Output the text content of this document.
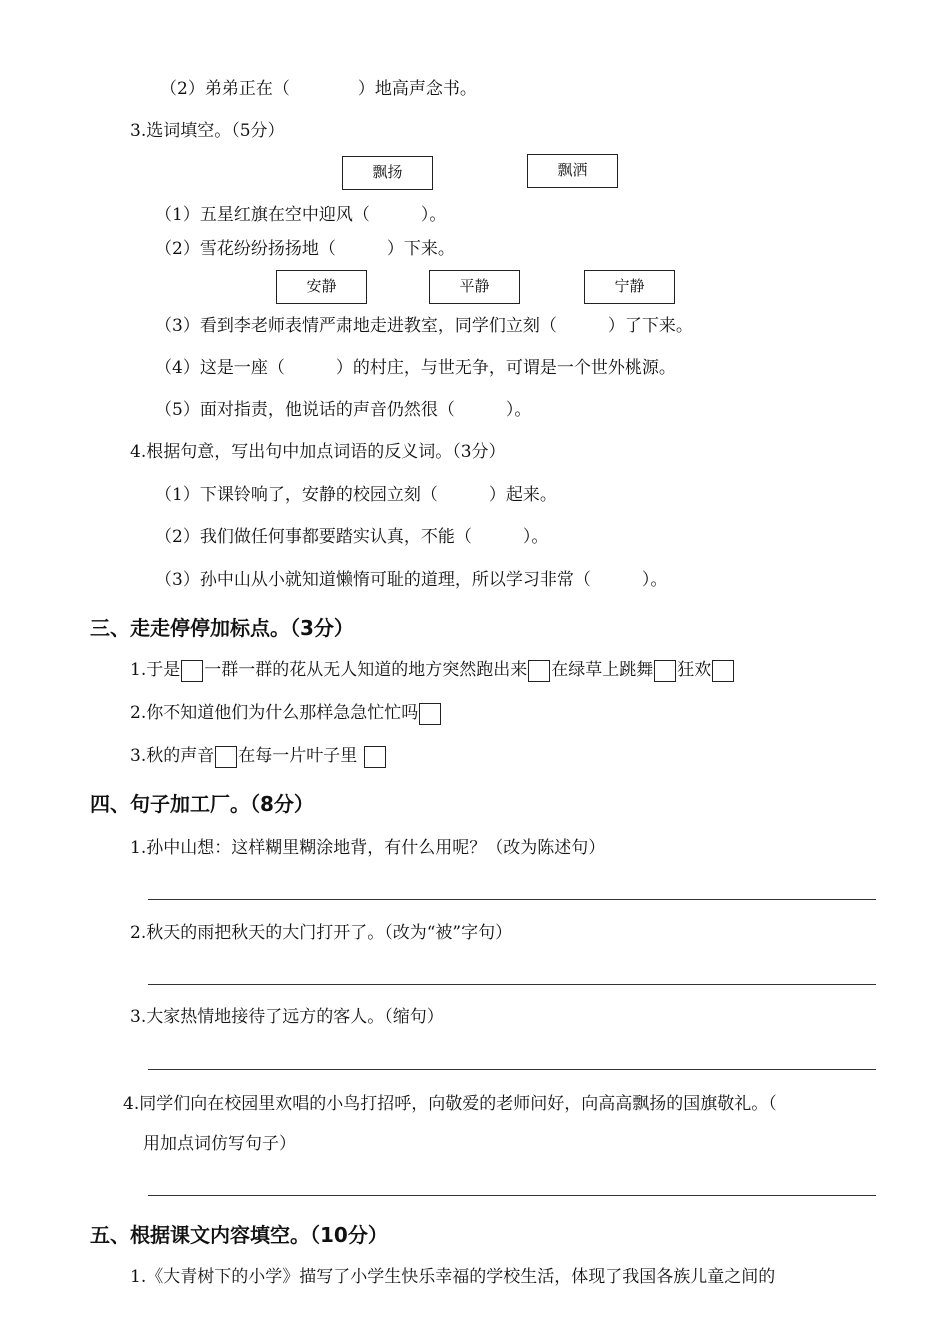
（2）弟弟正在（　　　　）地高声念书。
3.选词填空。（5分）
飘扬	飘洒
（1）五星红旗在空中迎风（　　　）。
（2）雪花纷纷扬扬地（　　　）下来。
安静	平静	宁静
（3）看到李老师表情严肃地走进教室，同学们立刻（　　　）了下来。
（4）这是一座（　　　）的村庄，与世无争，可谓是一个世外桃源。
（5）面对指责，他说话的声音仍然很（　　　）。
4.根据句意，写出句中加点词语的反义词。（3分）
（1）下课铃响了，安静的校园立刻（　　　）起来。
（2）我们做任何事都要踏实认真，不能（　　　）。
（3）孙中山从小就知道懒惰可耻的道理，所以学习非常（　　　）。
三、走走停停加标点。（3分）
1.于是 一群一群的花从无人知道的地方突然跑出来 在绿草上跳舞 狂欢
2.你不知道他们为什么那样急急忙忙吗
3.秋的声音 在每一片叶子里
四、句子加工厂。（8分）
1.孙中山想：这样糊里糊涂地背，有什么用呢？（改为陈述句）
2.秋天的雨把秋天的大门打开了。（改为“被”字句）
3.大家热情地接待了远方的客人。（缩句）
4.同学们向在校园里欢唱的小鸟打招呼，向敬爱的老师问好，向高高飘扬的国旗敬礼。（
用加点词仿写句子）
五、根据课文内容填空。（10分）
1.《大青树下的小学》描写了小学生快乐幸福的学校生活，体现了我国各族儿童之间的
